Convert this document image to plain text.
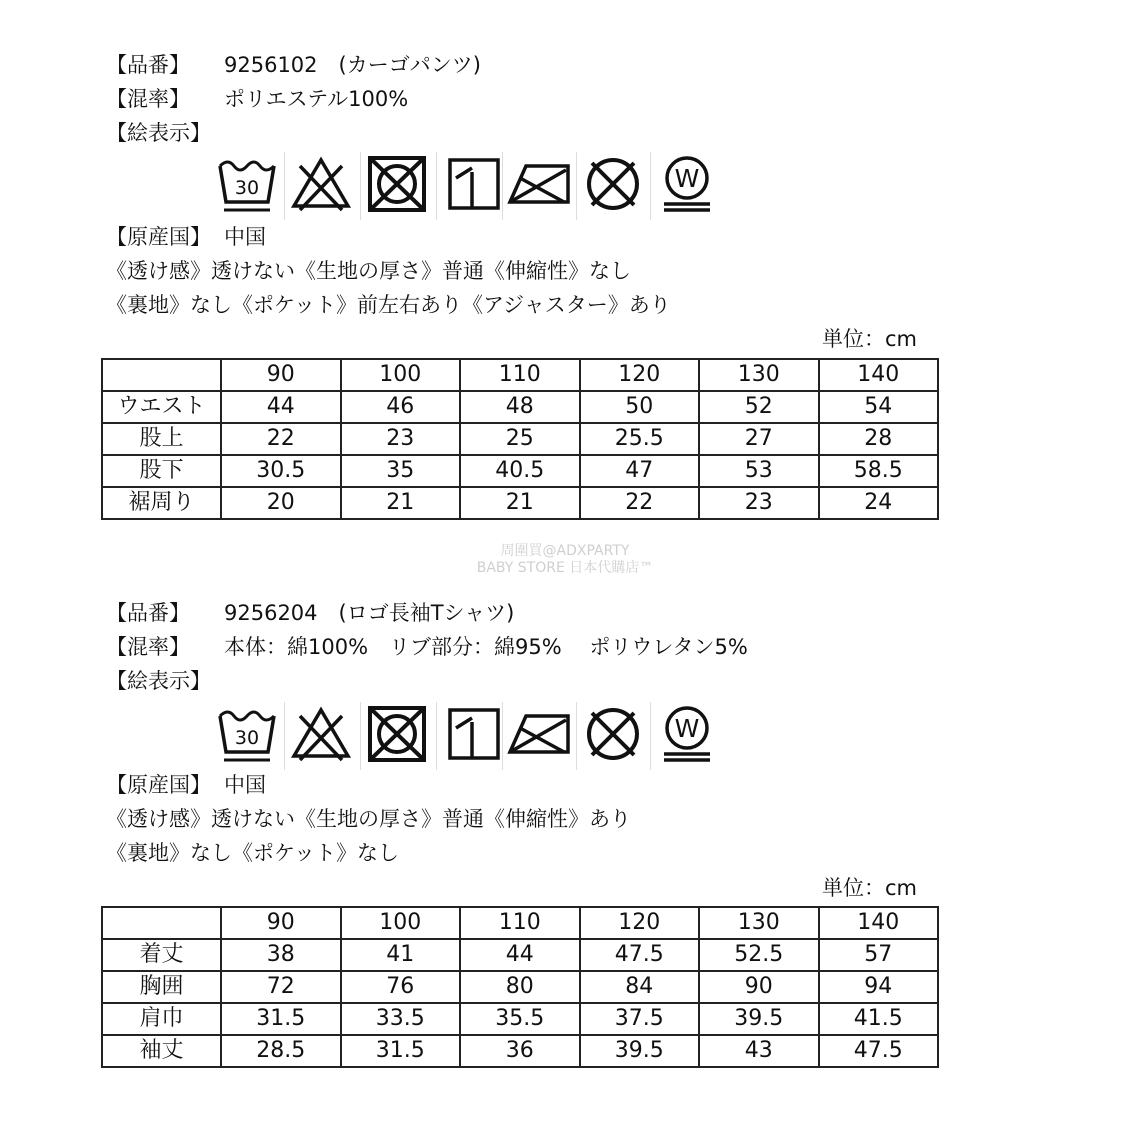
【品番】 9256102　(カーゴパンツ)
【混率】 ポリエステル100%
【絵表示】
30	W
【原産国】 中国
《透け感》透けない《生地の厚さ》普通《伸縮性》なし
《裏地》なし《ポケット》前左右あり《アジャスター》あり
単位：cm
	90	100	110	120	130	140
ウエスト	44	46	48	50	52	54
股上	22	23	25	25.5	27	28
股下	30.5	35	40.5	47	53	58.5
裾周り	20	21	21	22	23	24
周圍買@ADXPARTY
BABY STORE 日本代購店™
【品番】 9256204　(ロゴ長袖Tシャツ)
【混率】 本体：綿100%　リブ部分：綿95%　 ポリウレタン5%
【絵表示】
30	W
【原産国】 中国
《透け感》透けない《生地の厚さ》普通《伸縮性》あり
《裏地》なし《ポケット》なし
単位：cm
	90	100	110	120	130	140
着丈	38	41	44	47.5	52.5	57
胸囲	72	76	80	84	90	94
肩巾	31.5	33.5	35.5	37.5	39.5	41.5
袖丈	28.5	31.5	36	39.5	43	47.5
